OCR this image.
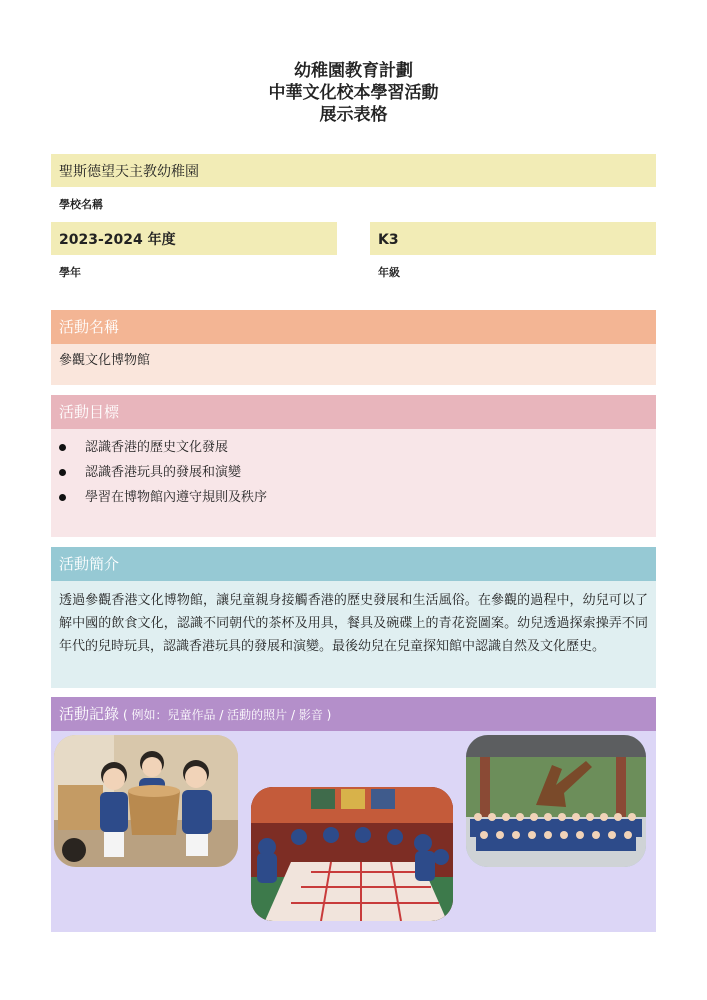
幼稚園教育計劃
中華文化校本學習活動
展示表格
聖斯德望天主教幼稚園
學校名稱
2023-2024 年度
學年
K3
年級
活動名稱
參觀文化博物館
活動目標
認識香港的歷史文化發展
認識香港玩具的發展和演變
學習在博物館內遵守規則及秩序
活動簡介
透過參觀香港文化博物館，讓兒童親身接觸香港的歷史發展和生活風俗。在參觀的過程中，幼兒可以了解中國的飲食文化，認識不同朝代的茶杯及用具，餐具及碗碟上的青花瓷圖案。幼兒透過探索操弄不同年代的兒時玩具，認識香港玩具的發展和演變。最後幼兒在兒童探知館中認識自然及文化歷史。
活動記錄 ( 例如：兒童作品 / 活動的照片 / 影音 )
